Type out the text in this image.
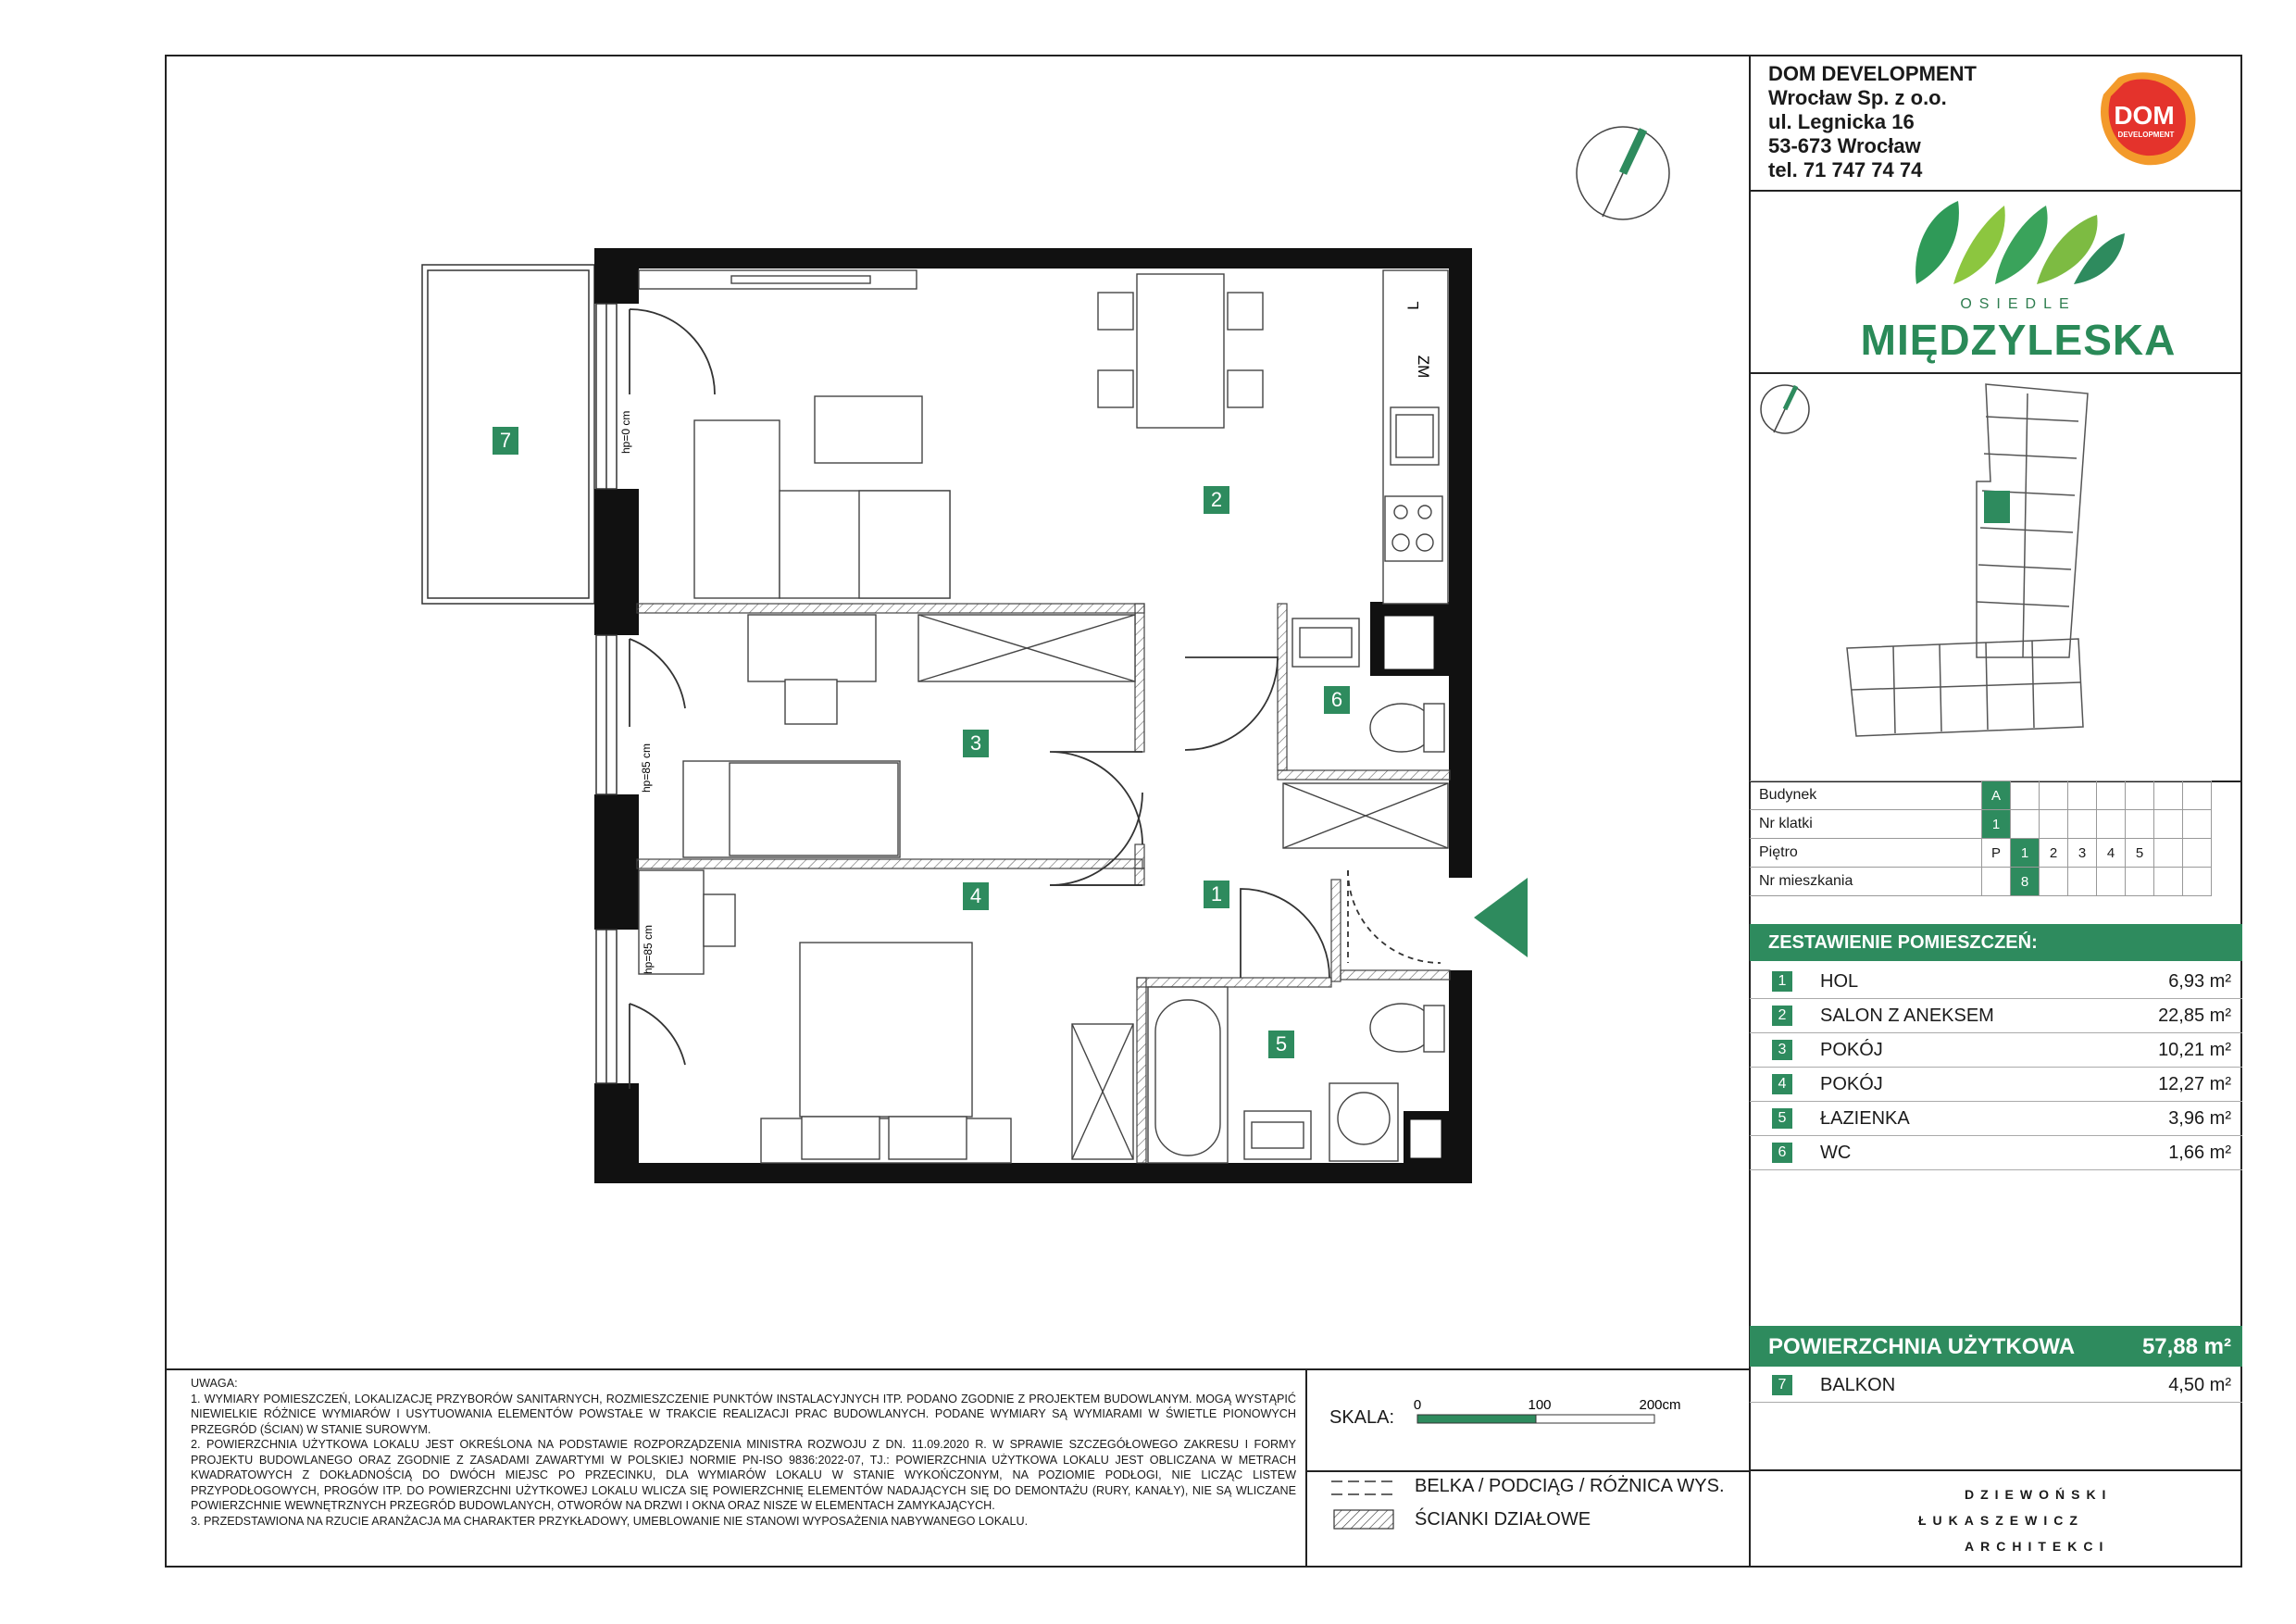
DOM DEVELOPMENT
Wrocław Sp. z o.o.
ul. Legnicka 16
53-673 Wrocław
tel. 71 747 74 74
DOM
DEVELOPMENT
OSIEDLE
MIĘDZYLESKA
Budynek	A							
Nr klatki	1							
Piętro	P	1	2	3	4	5		
Nr mieszkania		8						
ZESTAWIENIE POMIESZCZEŃ:
1	HOL	6,93 m²
2	SALON Z ANEKSEM	22,85 m²
3	POKÓJ	10,21 m²
4	POKÓJ	12,27 m²
5	ŁAZIENKA	3,96 m²
6	WC	1,66 m²
POWIERZCHNIA UŻYTKOWA	57,88 m²
7	BALKON	4,50 m²
UWAGA:
1. WYMIARY POMIESZCZEŃ, LOKALIZACJĘ PRZYBORÓW SANITARNYCH, ROZMIESZCZENIE PUNKTÓW INSTALACYJNYCH ITP. PODANO ZGODNIE Z PROJEKTEM BUDOWLANYM. MOGĄ WYSTĄPIĆ NIEWIELKIE RÓŻNICE WYMIARÓW I USYTUOWANIA ELEMENTÓW POWSTAŁE W TRAKCIE REALIZACJI PRAC BUDOWLANYCH. PODANE WYMIARY SĄ WYMIARAMI W ŚWIETLE PIONOWYCH PRZEGRÓD (ŚCIAN) W STANIE SUROWYM.
2. POWIERZCHNIA UŻYTKOWA LOKALU JEST OKREŚLONA NA PODSTAWIE ROZPORZĄDZENIA MINISTRA ROZWOJU Z DN. 11.09.2020 R. W SPRAWIE SZCZEGÓŁOWEGO ZAKRESU I FORMY PROJEKTU BUDOWLANEGO ORAZ ZGODNIE Z ZASADAMI ZAWARTYMI W POLSKIEJ NORMIE PN-ISO 9836:2022-07, TJ.: POWIERZCHNIA UŻYTKOWA LOKALU JEST OBLICZANA W METRACH KWADRATOWYCH Z DOKŁADNOŚCIĄ DO DWÓCH MIEJSC PO PRZECINKU, DLA WYMIARÓW LOKALU W STANIE WYKOŃCZONYM, NA POZIOMIE PODŁOGI, NIE LICZĄC LISTEW PRZYPODŁOGOWYCH, PROGÓW ITP. DO POWIERZCHNI UŻYTKOWEJ LOKALU WLICZA SIĘ POWIERZCHNIĘ ELEMENTÓW NADAJĄCYCH SIĘ DO DEMONTAŻU (RURY, KANAŁY), NIE SĄ WLICZANE POWIERZCHNIE WEWNĘTRZNYCH PRZEGRÓD BUDOWLANYCH, OTWORÓW NA DRZWI I OKNA ORAZ NISZE W ELEMENTACH ZAMYKAJĄCYCH.
3. PRZEDSTAWIONA NA RZUCIE ARANŻACJA MA CHARAKTER PRZYKŁADOWY, UMEBLOWANIE NIE STANOWI WYPOSAŻENIA NABYWANEGO LOKALU.
SKALA:
0	100	200cm
BELKA / PODCIĄG / RÓŻNICA WYS.
ŚCIANKI DZIAŁOWE
DZIEWOŃSKI
ŁUKASZEWICZ
ARCHITEKCI
L
ZM
hp=0 cm
hp=85 cm
hp=85 cm
2
3
4	1
5
6
7
